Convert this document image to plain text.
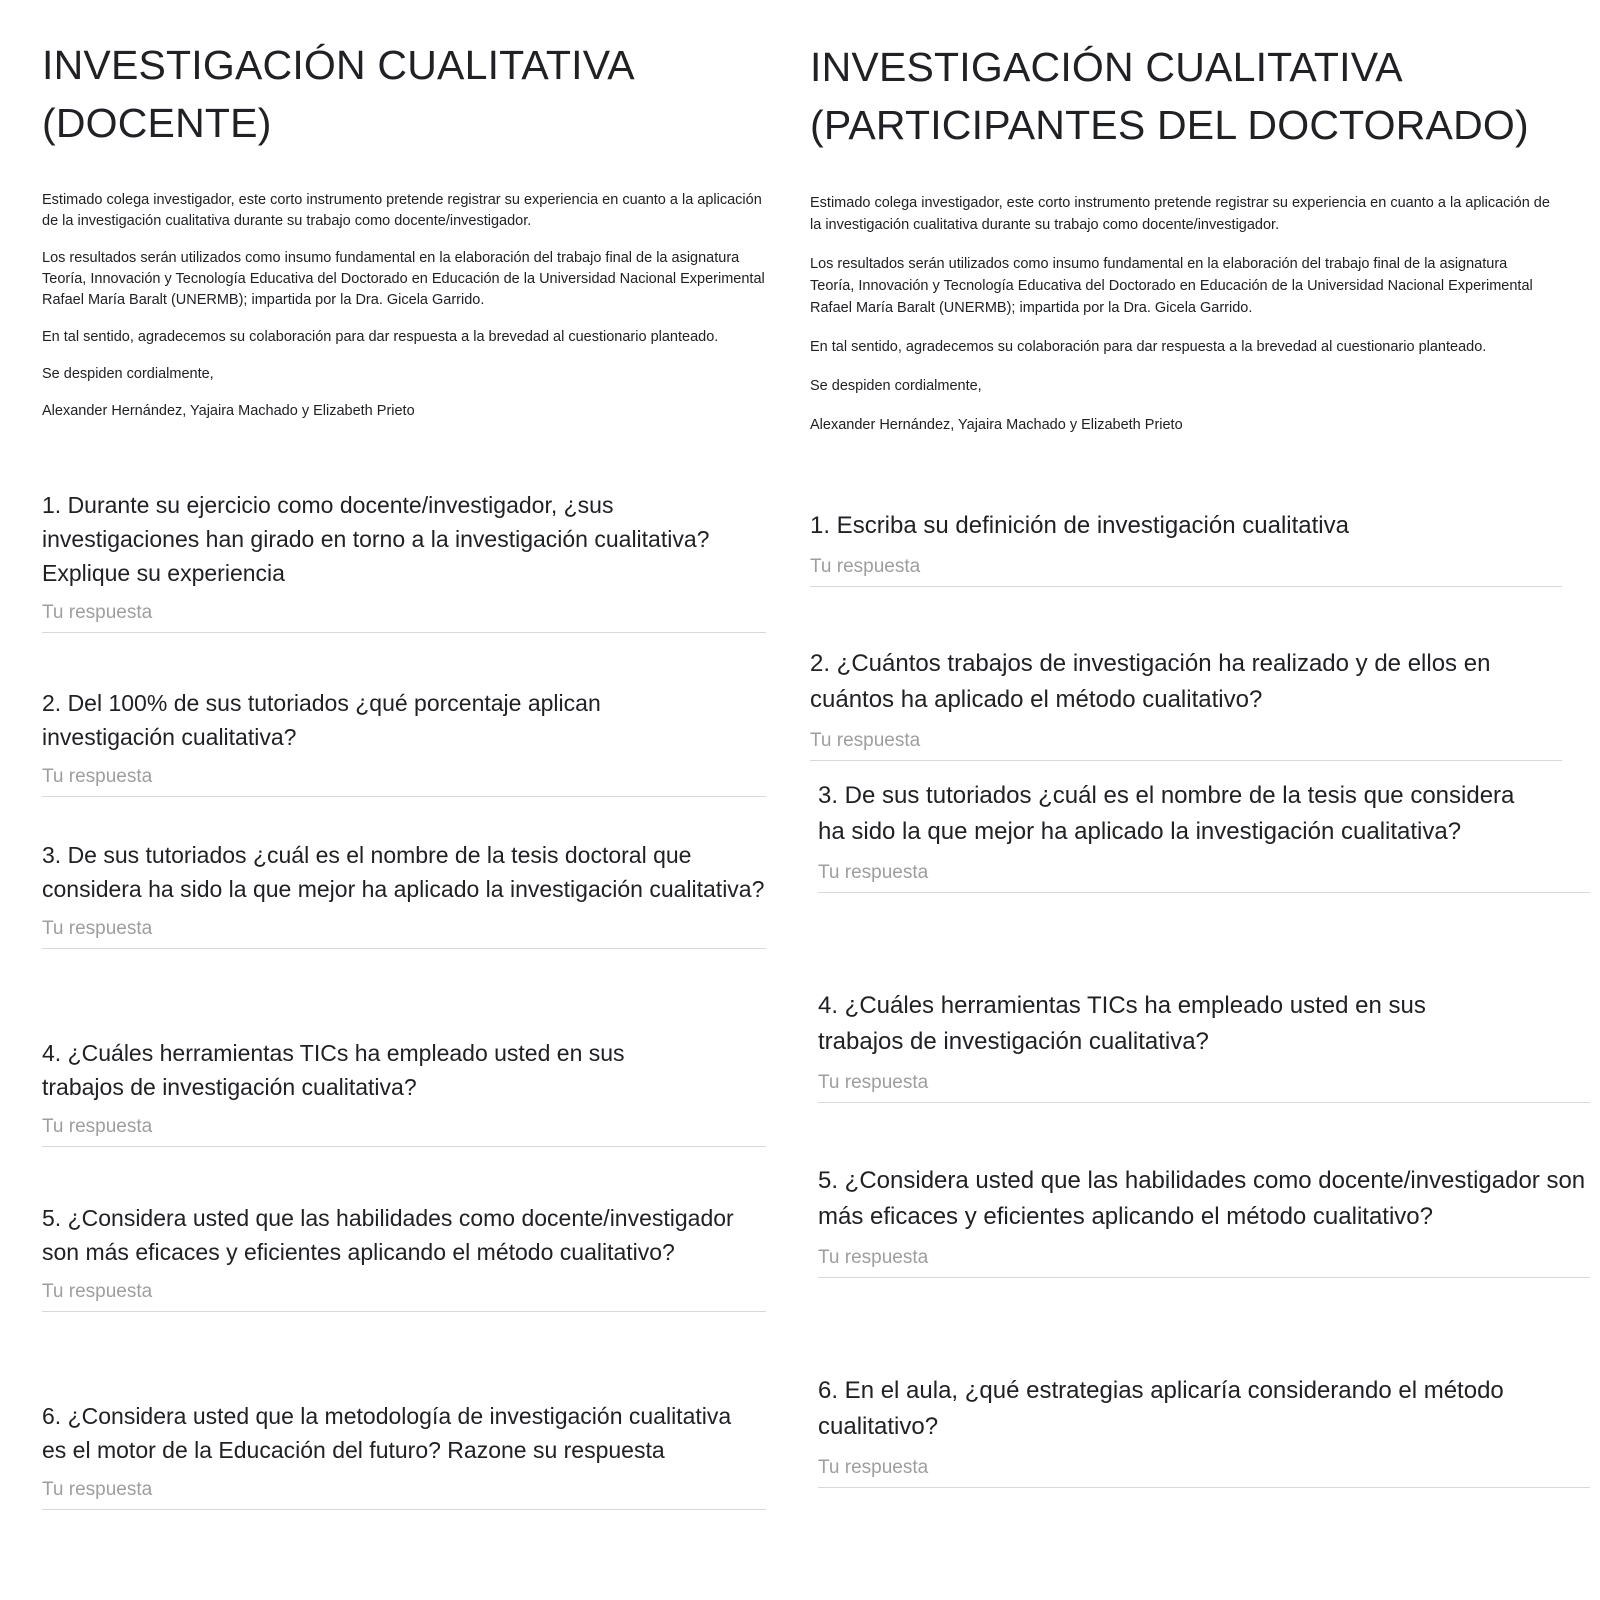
INVESTIGACIÓN CUALITATIVA (DOCENTE)

Estimado colega investigador, este corto instrumento pretende registrar su experiencia en cuanto a la aplicación de la investigación cualitativa durante su trabajo como docente/investigador.

Los resultados serán utilizados como insumo fundamental en la elaboración del trabajo final de la asignatura Teoría, Innovación y Tecnología Educativa del Doctorado en Educación de la Universidad Nacional Experimental Rafael María Baralt (UNERMB); impartida por la Dra. Gicela Garrido.

En tal sentido, agradecemos su colaboración para dar respuesta a la brevedad al cuestionario planteado.

Se despiden cordialmente,

Alexander Hernández, Yajaira Machado y Elizabeth Prieto

1. Durante su ejercicio como docente/investigador, ¿sus investigaciones han girado en torno a la investigación cualitativa? Explique su experiencia

Tu respuesta

2. Del 100% de sus tutoriados ¿qué porcentaje aplican investigación cualitativa?

Tu respuesta

3. De sus tutoriados ¿cuál es el nombre de la tesis doctoral que considera ha sido la que mejor ha aplicado la investigación cualitativa?

Tu respuesta

4. ¿Cuáles herramientas TICs ha empleado usted en sus trabajos de investigación cualitativa?

Tu respuesta

5. ¿Considera usted que las habilidades como docente/investigador son más eficaces y eficientes aplicando el método cualitativo?

Tu respuesta

6. ¿Considera usted que la metodología de investigación cualitativa es el motor de la Educación del futuro? Razone su respuesta

Tu respuesta
INVESTIGACIÓN CUALITATIVA (PARTICIPANTES DEL DOCTORADO)

Estimado colega investigador, este corto instrumento pretende registrar su experiencia en cuanto a la aplicación de la investigación cualitativa durante su trabajo como docente/investigador.

Los resultados serán utilizados como insumo fundamental en la elaboración del trabajo final de la asignatura Teoría, Innovación y Tecnología Educativa del Doctorado en Educación de la Universidad Nacional Experimental Rafael María Baralt (UNERMB); impartida por la Dra. Gicela Garrido.

En tal sentido, agradecemos su colaboración para dar respuesta a la brevedad al cuestionario planteado.

Se despiden cordialmente,

Alexander Hernández, Yajaira Machado y Elizabeth Prieto

1. Escriba su definición de investigación cualitativa

Tu respuesta

2. ¿Cuántos trabajos de investigación ha realizado y de ellos en cuántos ha aplicado el método cualitativo?

Tu respuesta

3. De sus tutoriados ¿cuál es el nombre de la tesis que considera ha sido la que mejor ha aplicado la investigación cualitativa?

Tu respuesta

4. ¿Cuáles herramientas TICs ha empleado usted en sus trabajos de investigación cualitativa?

Tu respuesta

5. ¿Considera usted que las habilidades como docente/investigador son más eficaces y eficientes aplicando el método cualitativo?

Tu respuesta

6. En el aula, ¿qué estrategias aplicaría considerando el método cualitativo?

Tu respuesta
